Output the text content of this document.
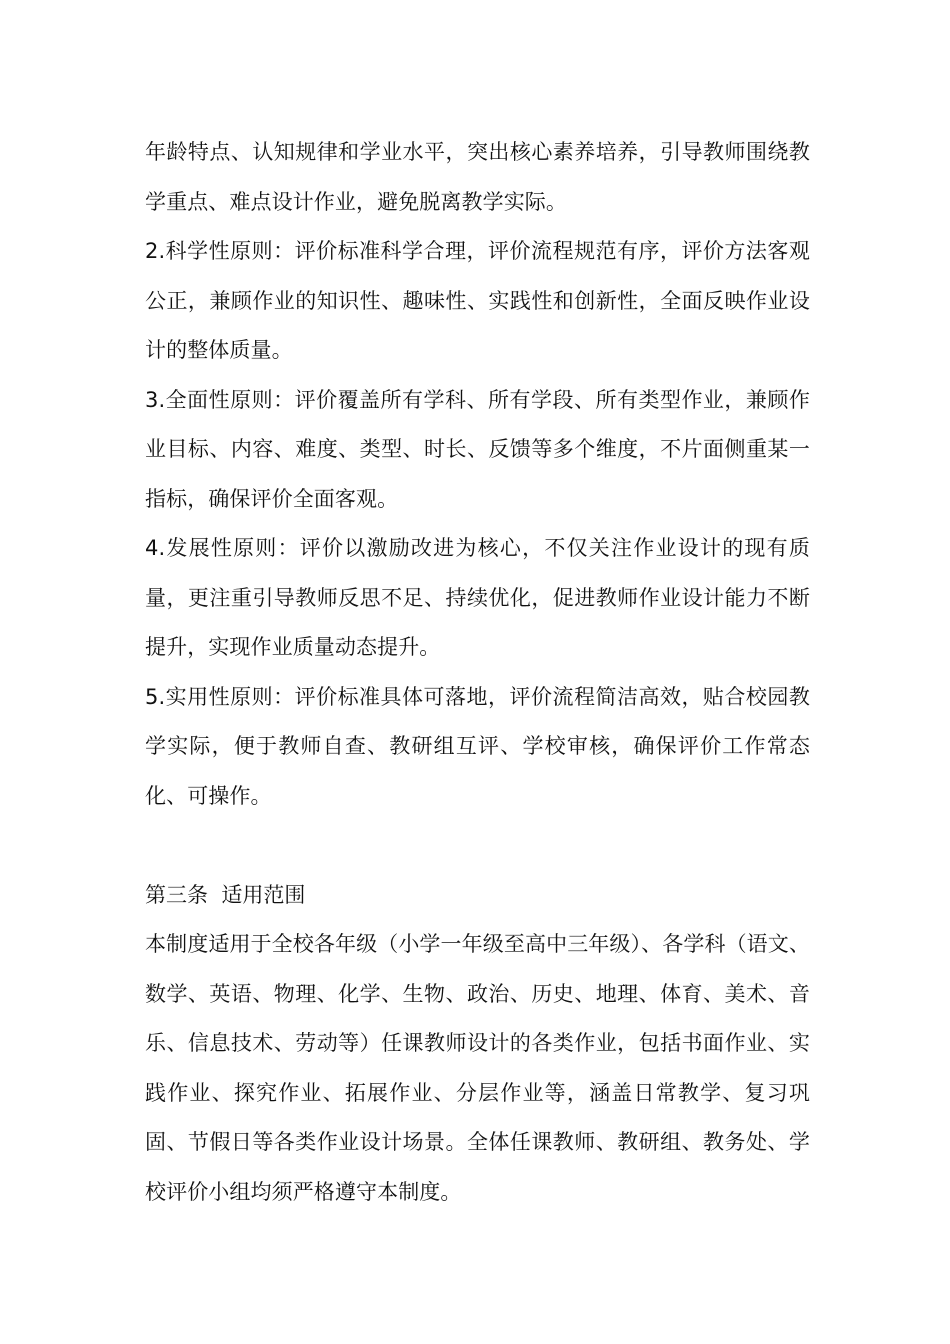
年龄特点、认知规律和学业水平，突出核心素养培养，引导教师围绕教学重点、难点设计作业，避免脱离教学实际。

2.科学性原则：评价标准科学合理，评价流程规范有序，评价方法客观公正，兼顾作业的知识性、趣味性、实践性和创新性，全面反映作业设计的整体质量。

3.全面性原则：评价覆盖所有学科、所有学段、所有类型作业，兼顾作业目标、内容、难度、类型、时长、反馈等多个维度，不片面侧重某一指标，确保评价全面客观。

4.发展性原则：评价以激励改进为核心，不仅关注作业设计的现有质量，更注重引导教师反思不足、持续优化，促进教师作业设计能力不断提升，实现作业质量动态提升。

5.实用性原则：评价标准具体可落地，评价流程简洁高效，贴合校园教学实际，便于教师自查、教研组互评、学校审核，确保评价工作常态化、可操作。

第三条  适用范围

本制度适用于全校各年级（小学一年级至高中三年级）、各学科（语文、数学、英语、物理、化学、生物、政治、历史、地理、体育、美术、音乐、信息技术、劳动等）任课教师设计的各类作业，包括书面作业、实践作业、探究作业、拓展作业、分层作业等，涵盖日常教学、复习巩固、节假日等各类作业设计场景。全体任课教师、教研组、教务处、学校评价小组均须严格遵守本制度。
